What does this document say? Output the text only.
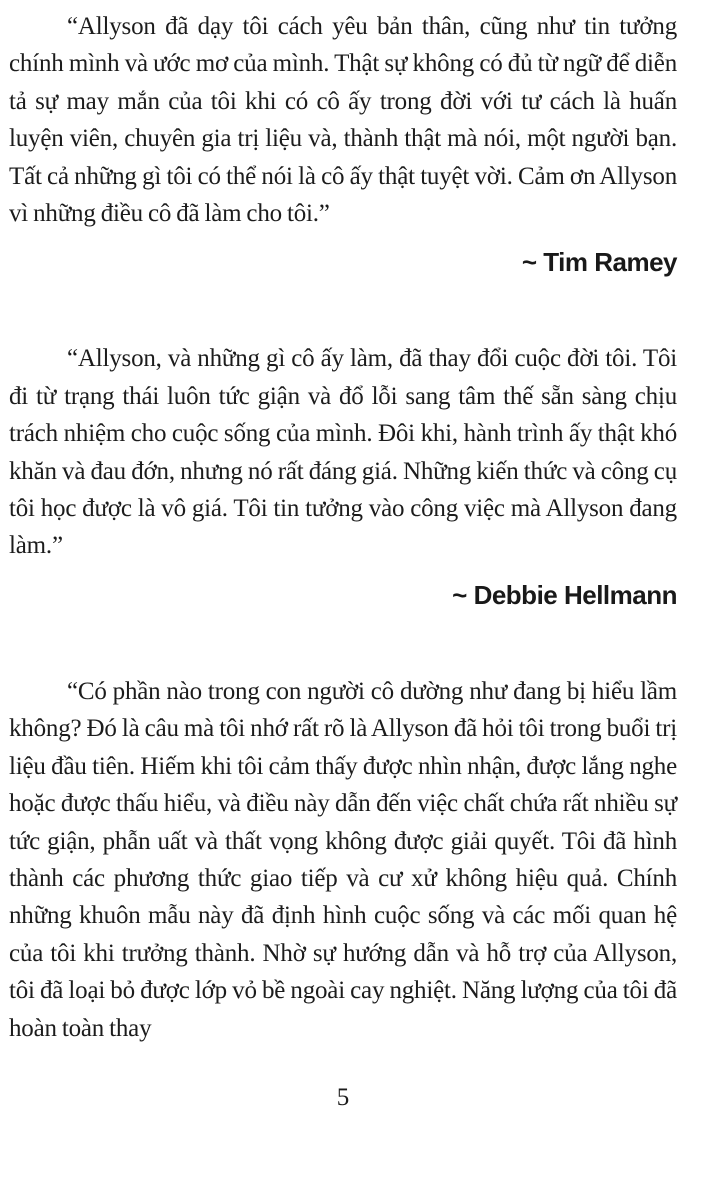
“Allyson đã dạy tôi cách yêu bản thân, cũng như tin tưởng chính mình và ước mơ của mình. Thật sự không có đủ từ ngữ để diễn tả sự may mắn của tôi khi có cô ấy trong đời với tư cách là huấn luyện viên, chuyên gia trị liệu và, thành thật mà nói, một người bạn. Tất cả những gì tôi có thể nói là cô ấy thật tuyệt vời. Cảm ơn Allyson vì những điều cô đã làm cho tôi.”

~ Tim Ramey

“Allyson, và những gì cô ấy làm, đã thay đổi cuộc đời tôi. Tôi đi từ trạng thái luôn tức giận và đổ lỗi sang tâm thế sẵn sàng chịu trách nhiệm cho cuộc sống của mình. Đôi khi, hành trình ấy thật khó khăn và đau đớn, nhưng nó rất đáng giá. Những kiến thức và công cụ tôi học được là vô giá. Tôi tin tưởng vào công việc mà Allyson đang làm.”

~ Debbie Hellmann

“Có phần nào trong con người cô dường như đang bị hiểu lầm không? Đó là câu mà tôi nhớ rất rõ là Allyson đã hỏi tôi trong buổi trị liệu đầu tiên. Hiếm khi tôi cảm thấy được nhìn nhận, được lắng nghe hoặc được thấu hiểu, và điều này dẫn đến việc chất chứa rất nhiều sự tức giận, phẫn uất và thất vọng không được giải quyết. Tôi đã hình thành các phương thức giao tiếp và cư xử không hiệu quả. Chính những khuôn mẫu này đã định hình cuộc sống và các mối quan hệ của tôi khi trưởng thành. Nhờ sự hướng dẫn và hỗ trợ của Allyson, tôi đã loại bỏ được lớp vỏ bề ngoài cay nghiệt. Năng lượng của tôi đã hoàn toàn thay

5
